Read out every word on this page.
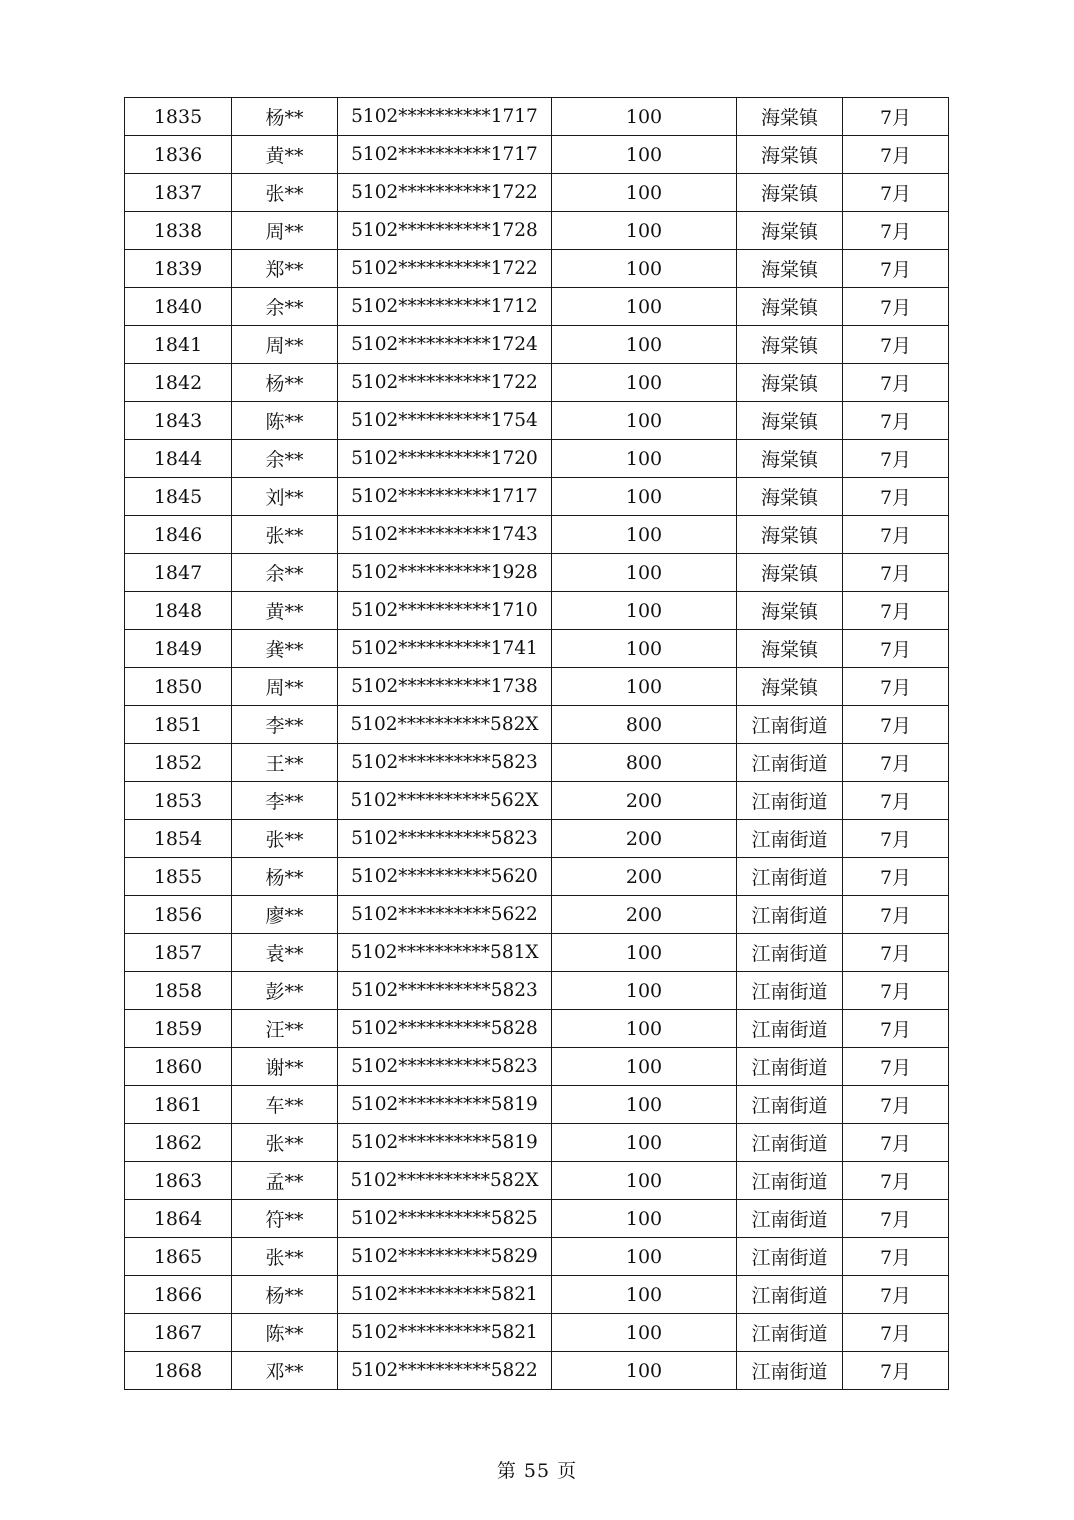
1835	杨**	5102**********1717	100	海棠镇	7月
1836	黄**	5102**********1717	100	海棠镇	7月
1837	张**	5102**********1722	100	海棠镇	7月
1838	周**	5102**********1728	100	海棠镇	7月
1839	郑**	5102**********1722	100	海棠镇	7月
1840	余**	5102**********1712	100	海棠镇	7月
1841	周**	5102**********1724	100	海棠镇	7月
1842	杨**	5102**********1722	100	海棠镇	7月
1843	陈**	5102**********1754	100	海棠镇	7月
1844	余**	5102**********1720	100	海棠镇	7月
1845	刘**	5102**********1717	100	海棠镇	7月
1846	张**	5102**********1743	100	海棠镇	7月
1847	余**	5102**********1928	100	海棠镇	7月
1848	黄**	5102**********1710	100	海棠镇	7月
1849	龚**	5102**********1741	100	海棠镇	7月
1850	周**	5102**********1738	100	海棠镇	7月
1851	李**	5102**********582X	800	江南街道	7月
1852	王**	5102**********5823	800	江南街道	7月
1853	李**	5102**********562X	200	江南街道	7月
1854	张**	5102**********5823	200	江南街道	7月
1855	杨**	5102**********5620	200	江南街道	7月
1856	廖**	5102**********5622	200	江南街道	7月
1857	袁**	5102**********581X	100	江南街道	7月
1858	彭**	5102**********5823	100	江南街道	7月
1859	汪**	5102**********5828	100	江南街道	7月
1860	谢**	5102**********5823	100	江南街道	7月
1861	车**	5102**********5819	100	江南街道	7月
1862	张**	5102**********5819	100	江南街道	7月
1863	孟**	5102**********582X	100	江南街道	7月
1864	符**	5102**********5825	100	江南街道	7月
1865	张**	5102**********5829	100	江南街道	7月
1866	杨**	5102**********5821	100	江南街道	7月
1867	陈**	5102**********5821	100	江南街道	7月
1868	邓**	5102**********5822	100	江南街道	7月
第 55 页
